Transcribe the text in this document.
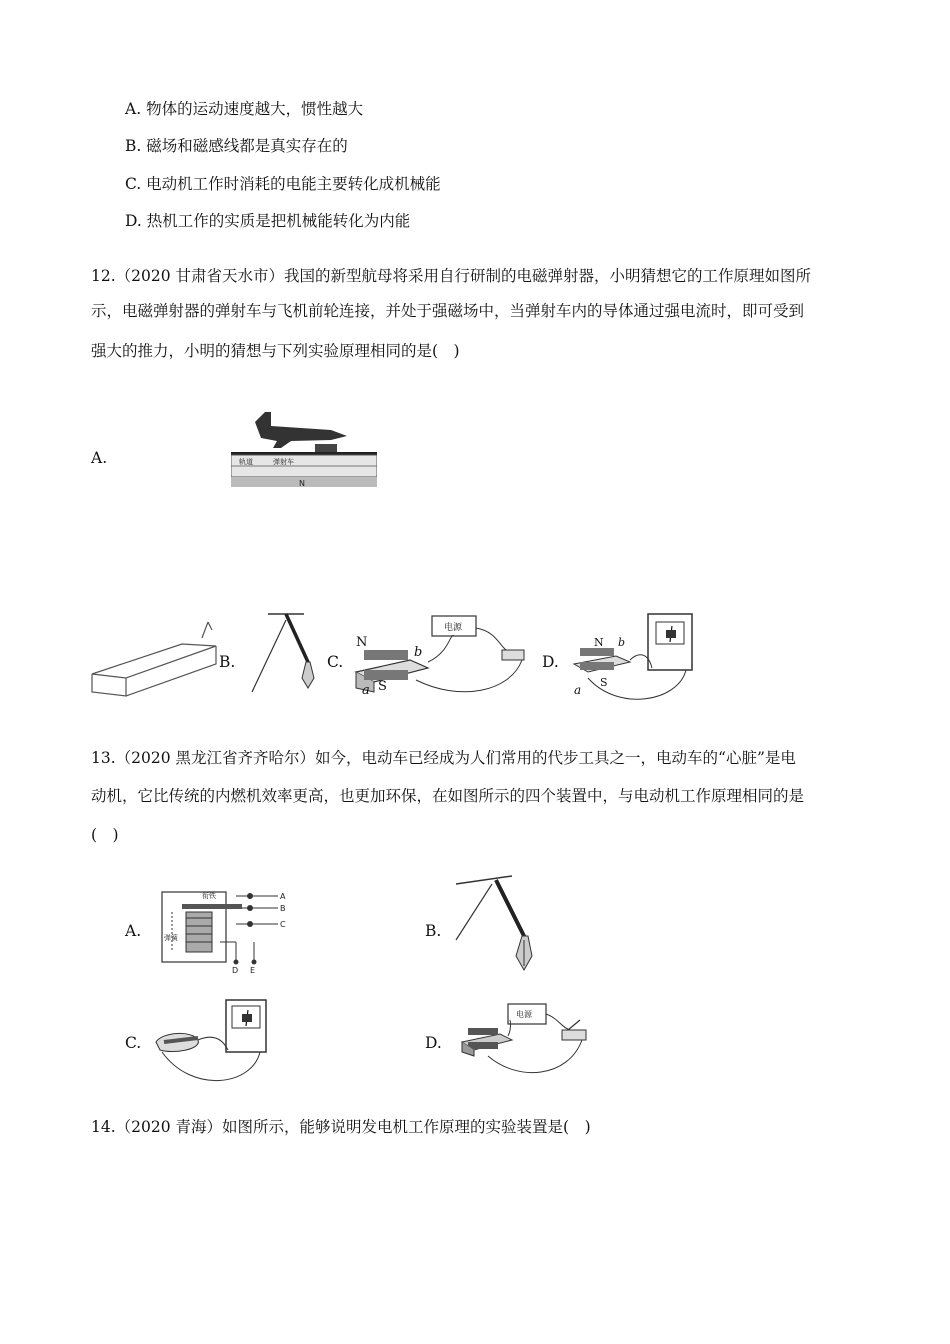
A. 物体的运动速度越大，惯性越大
B. 磁场和磁感线都是真实存在的
C. 电动机工作时消耗的电能主要转化成机械能
D. 热机工作的实质是把机械能转化为内能
12.（2020 甘肃省天水市）我国的新型航母将采用自行研制的电磁弹射器，小明猜想它的工作原理如图所
示，电磁弹射器的弹射车与飞机前轮连接，并处于强磁场中，当弹射车内的导体通过强电流时，即可受到
强大的推力，小明的猜想与下列实验原理相同的是(　)
A.	轨道	弹射车
N
B.	C.
电源
N
S
b
a
D.
N b
S
a
13.（2020 黑龙江省齐齐哈尔）如今，电动车已经成为人们常用的代步工具之一，电动车的“心脏”是电
动机，它比传统的内燃机效率更高，也更加环保，在如图所示的四个装置中，与电动机工作原理相同的是
(　)
A.
衔铁
弹簧
A
B
C
D E
B.
C.	D.
电源
14.（2020 青海）如图所示，能够说明发电机工作原理的实验装置是(　)
